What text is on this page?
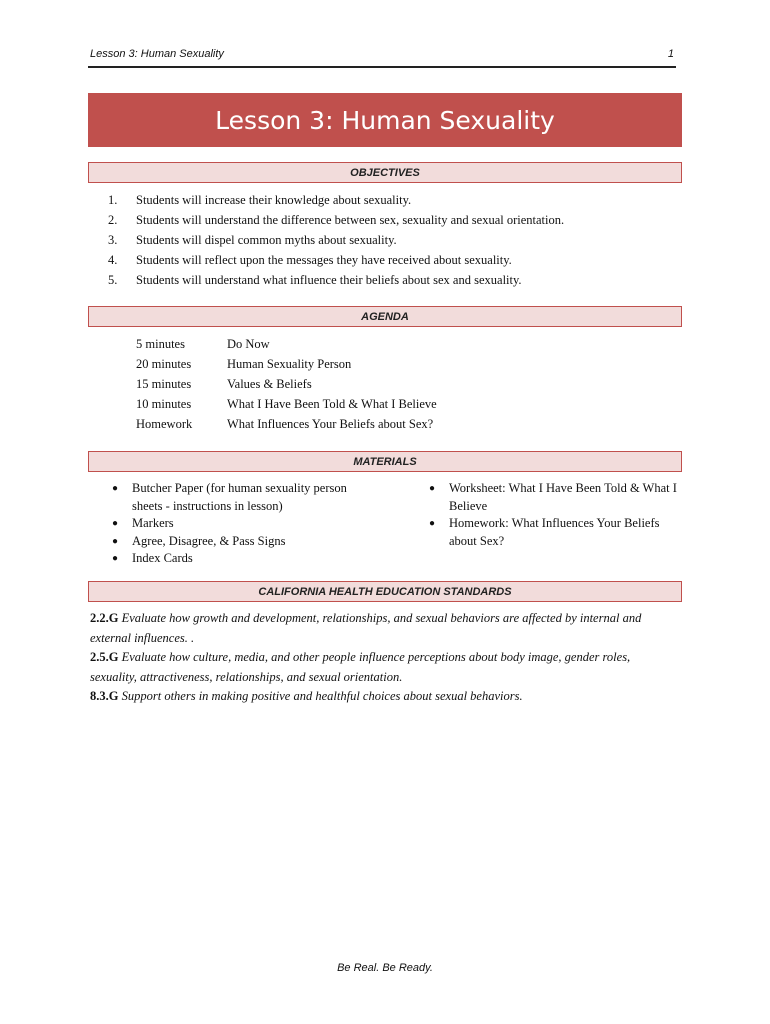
Lesson 3: Human Sexuality	1
Lesson 3: Human Sexuality
OBJECTIVES
1. Students will increase their knowledge about sexuality.
2. Students will understand the difference between sex, sexuality and sexual orientation.
3. Students will dispel common myths about sexuality.
4. Students will reflect upon the messages they have received about sexuality.
5. Students will understand what influence their beliefs about sex and sexuality.
AGENDA
5 minutes	Do Now
20 minutes	Human Sexuality Person
15 minutes	Values & Beliefs
10 minutes	What I Have Been Told & What I Believe
Homework	What Influences Your Beliefs about Sex?
MATERIALS
● Butcher Paper (for human sexuality person sheets - instructions in lesson)
● Markers
● Agree, Disagree, & Pass Signs
● Index Cards
● Worksheet: What I Have Been Told & What I Believe
● Homework: What Influences Your Beliefs about Sex?
CALIFORNIA HEALTH EDUCATION STANDARDS

2.2.G Evaluate how growth and development, relationships, and sexual behaviors are affected by internal and external influences. .

2.5.G Evaluate how culture, media, and other people influence perceptions about body image, gender roles, sexuality, attractiveness, relationships, and sexual orientation.

8.3.G Support others in making positive and healthful choices about sexual behaviors.

Be Real. Be Ready.
